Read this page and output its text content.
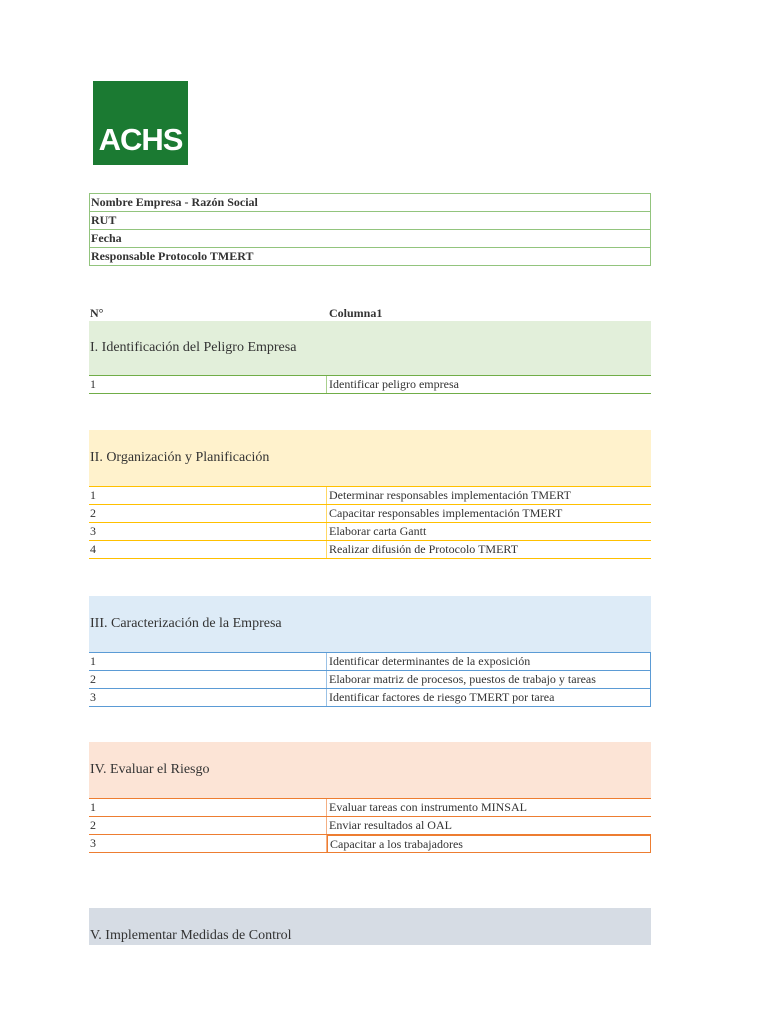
ACHS
Nombre Empresa - Razón Social
RUT
Fecha
Responsable Protocolo TMERT
N°	Columna1
I. Identificación del Peligro Empresa
1	Identificar peligro empresa
II. Organización y Planificación
1	Determinar responsables implementación TMERT
2	Capacitar responsables implementación TMERT
3	Elaborar carta Gantt
4	Realizar difusión de Protocolo TMERT
III. Caracterización de la Empresa
1	Identificar determinantes de la exposición
2	Elaborar matriz de procesos, puestos de trabajo y tareas
3	Identificar factores de riesgo TMERT por tarea
IV. Evaluar el Riesgo
1	Evaluar tareas con instrumento MINSAL
2	Enviar resultados al OAL
3	Capacitar a los trabajadores
V. Implementar Medidas de Control
